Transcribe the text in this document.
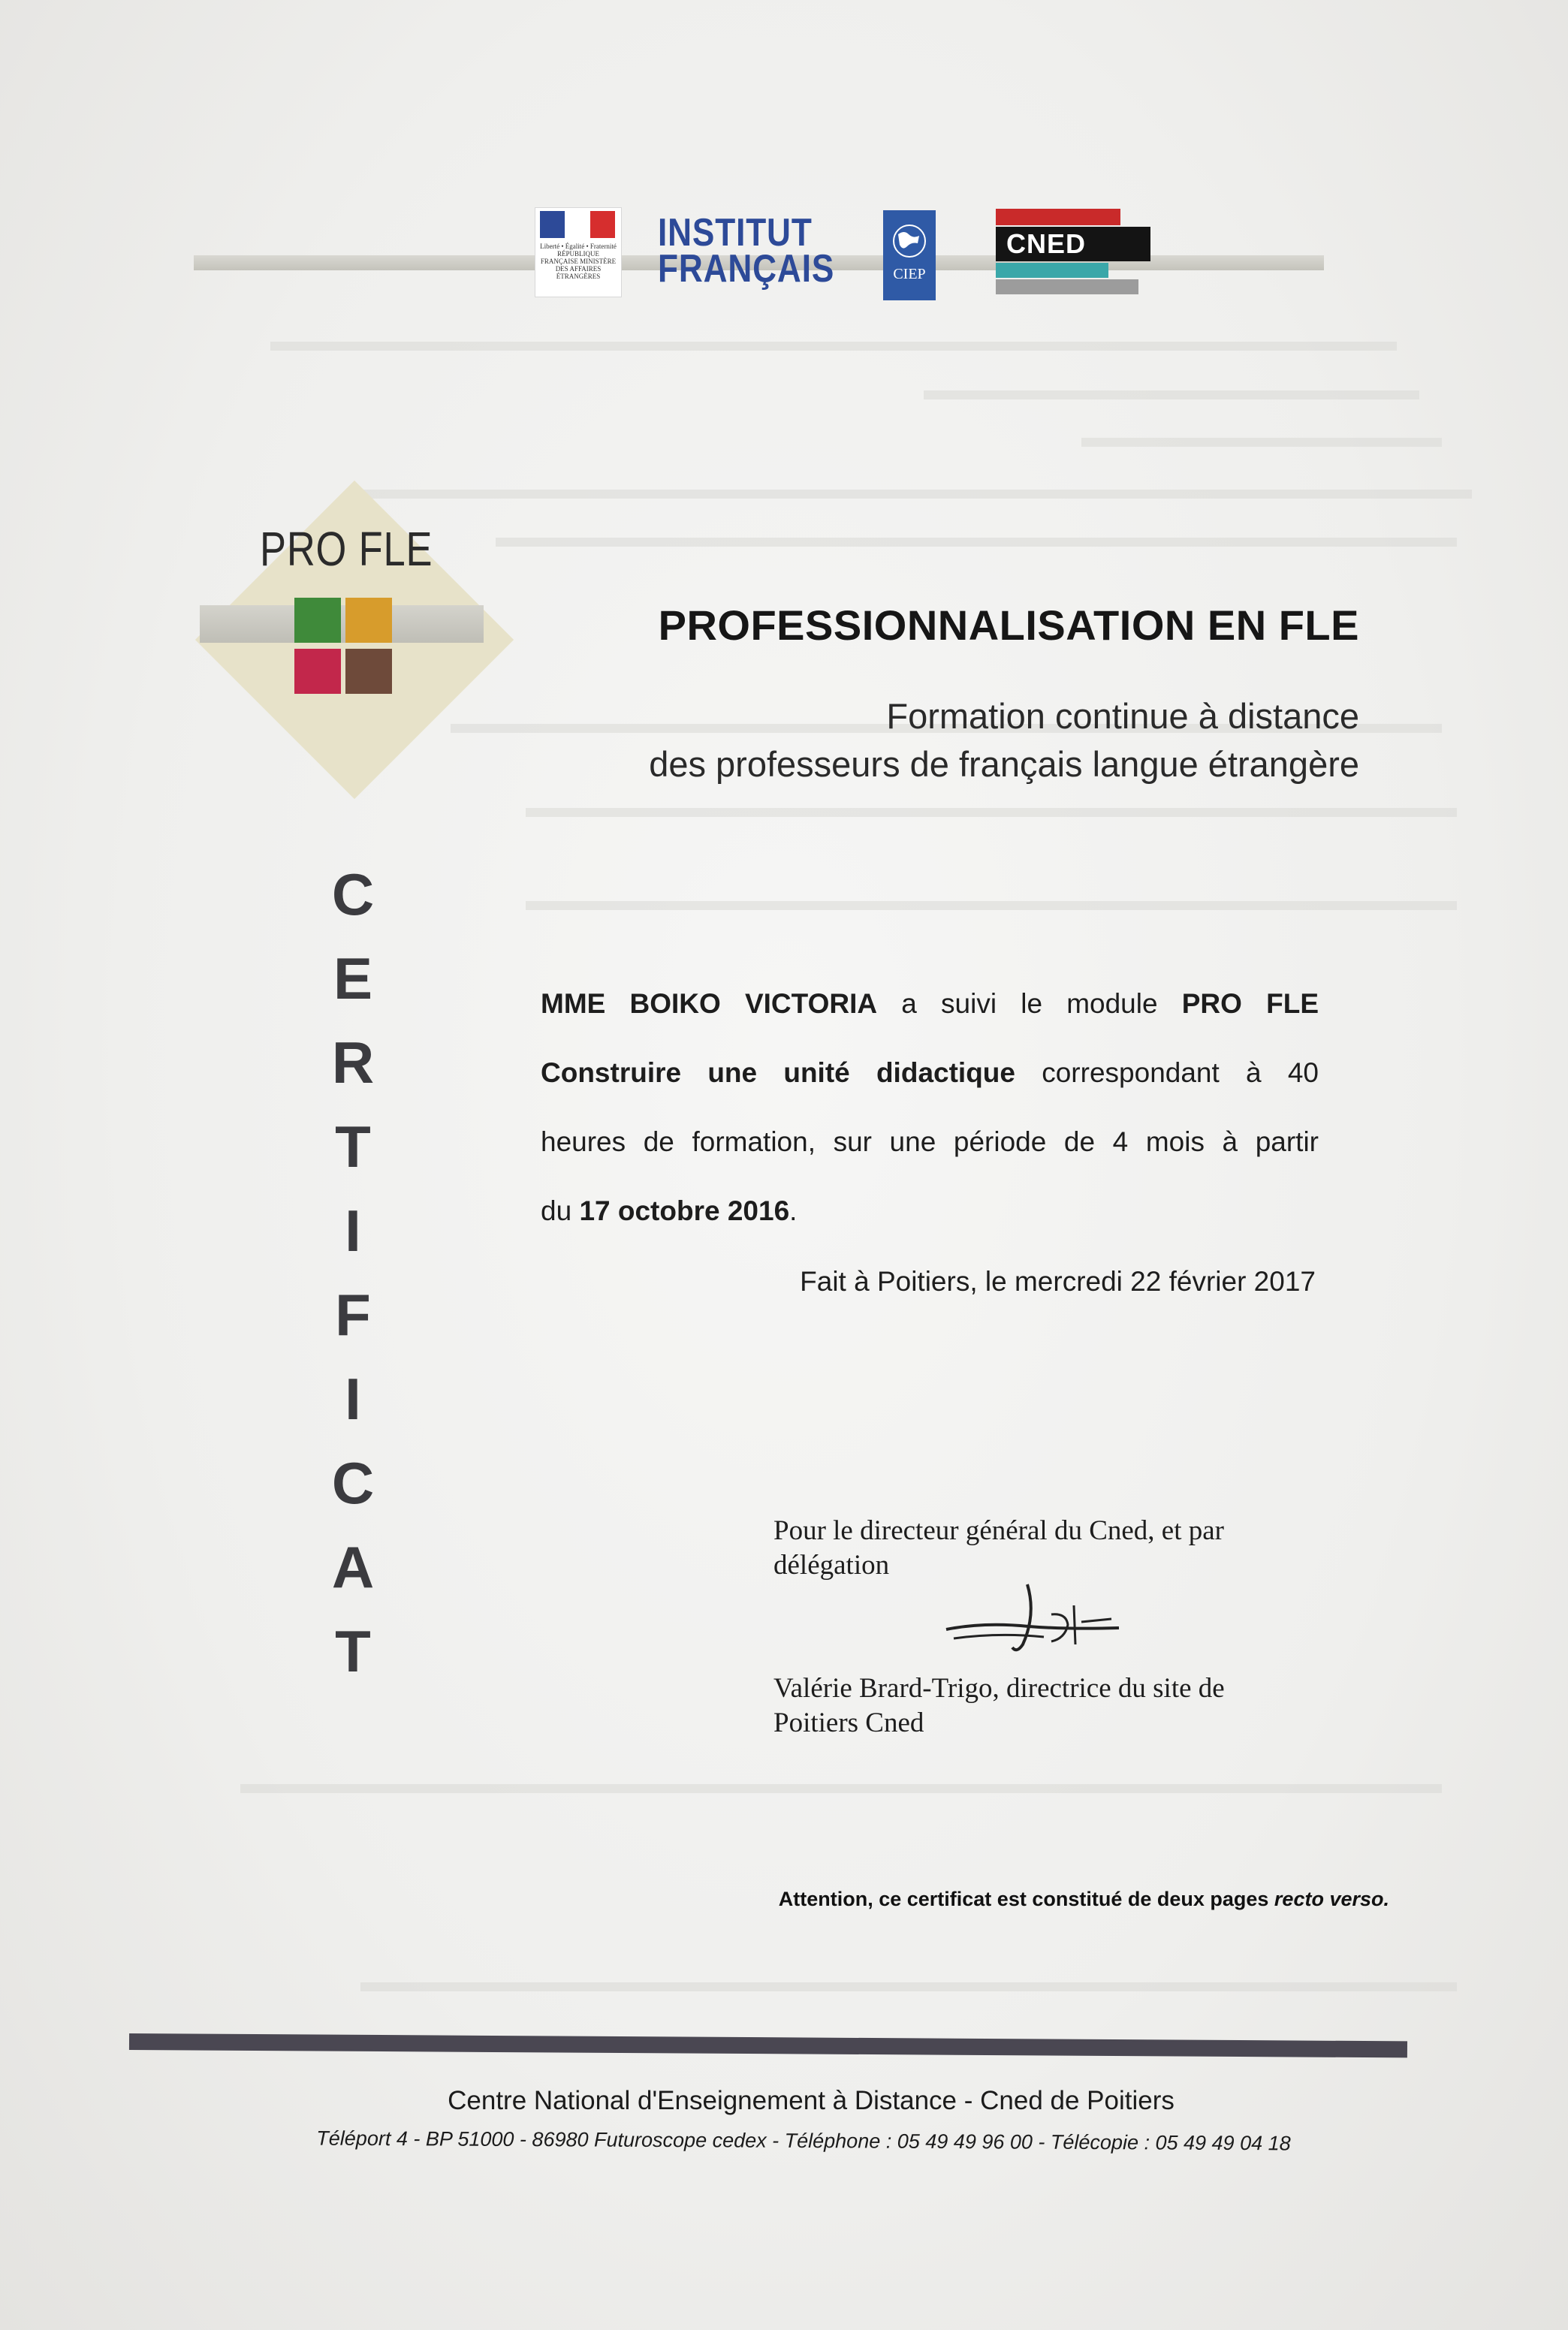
Liberté • Égalité • Fraternité RÉPUBLIQUE FRANÇAISE MINISTÈRE DES AFFAIRES ÉTRANGÈRES
INSTITUT
FRANÇAIS	CIEP
CNED
PRO FLE
C
E
R
T
I
F
I
C
A
T
PROFESSIONNALISATION EN FLE
Formation continue à distance
des professeurs de français langue étrangère
MME BOIKO VICTORIA a suivi le module PRO FLE
Construire une unité didactique correspondant à 40
heures de formation, sur une période de 4 mois à partir
du 17 octobre 2016.
Fait à Poitiers, le mercredi 22 février 2017
Pour le directeur général du Cned, et par
délégation
Valérie Brard-Trigo, directrice du site de
Poitiers Cned
Attention, ce certificat est constitué de deux pages recto verso.
Centre National d'Enseignement à Distance - Cned de Poitiers
Téléport 4 - BP 51000 - 86980 Futuroscope cedex - Téléphone : 05 49 49 96 00 - Télécopie : 05 49 49 04 18
